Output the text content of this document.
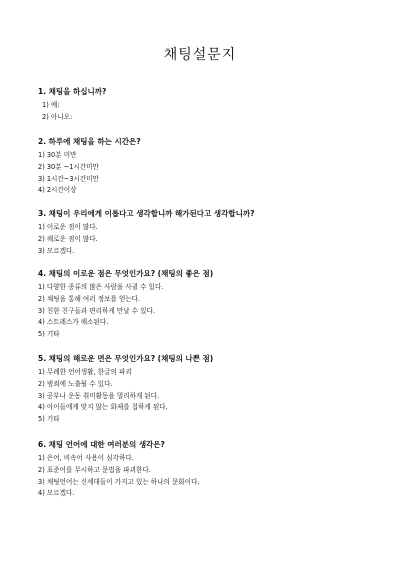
채팅설문지
1. 채팅을 하십니까?
1) 예:
2) 아니오:
2. 하루에 채팅을 하는 시간은?
1) 30분 미만
2) 30분 ~1시간미만
3) 1시간~3시간미만
4) 2시간이상
3. 채팅이 우리에게 이롭다고 생각합니까 해가된다고 생각합니까?
1) 이로운 점이 많다.
2) 해로운 점이 많다.
3) 모르겠다.
4. 채팅의 이로운 점은 무엇인가요? (채팅의 좋은 점)
1) 다양한 종류의 많은 사람을 사귈 수 있다.
2) 채팅을 통해 여러 정보를 얻는다.
3) 친한 친구들과 편리하게 만날 수 있다.
4) 스트레스가 해소된다.
5) 기타
5. 채팅의 해로운 면은 무엇인가요? (채팅의 나쁜 점)
1) 무례한 언어생활, 한글의 파괴
2) 범죄에 노출될 수 있다.
3) 공부나 운동 취미활동을 멀리하게 된다.
4) 아이들에게 맞지 않는 화제를 접하게 된다.
5) 기타
6. 채팅 언어에 대한 여러분의 생각은?
1) 은어, 비속어 사용이 심각하다.
2) 표준어를 무시하고 문법을 파괴한다.
3) 채팅언어는 신세대들이 가지고 있는 하나의 문화이다.
4) 모르겠다.
